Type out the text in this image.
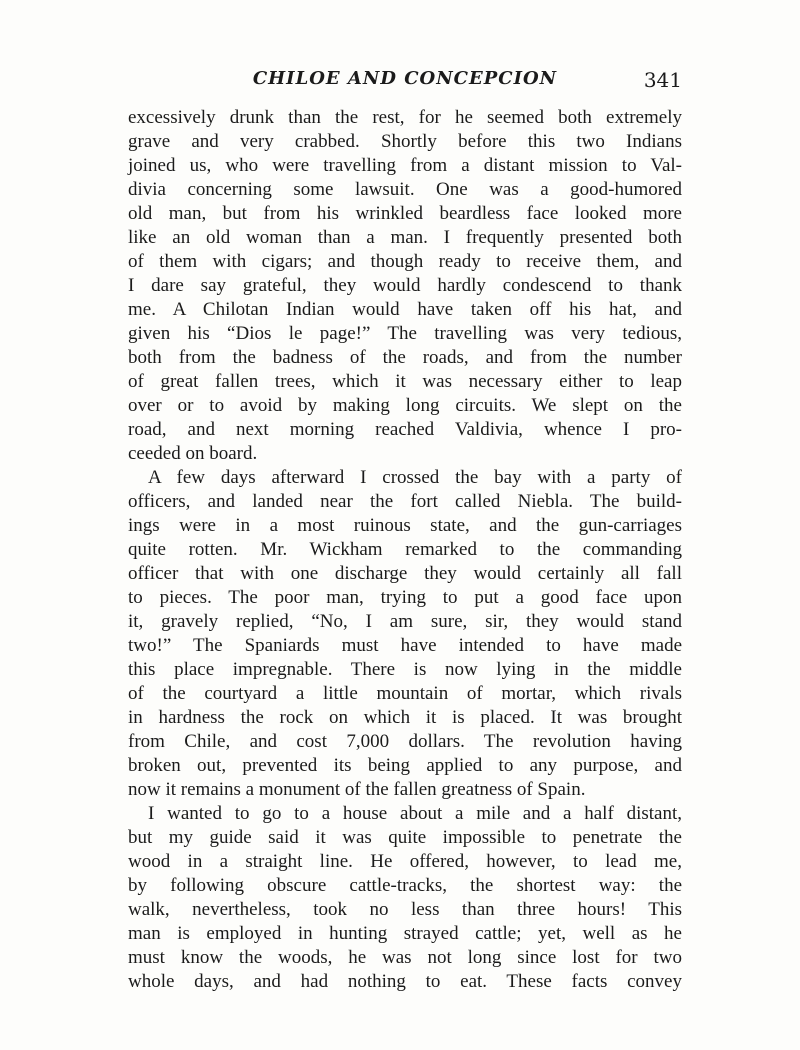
CHILOE AND CONCEPCION	341
excessively drunk than the rest, for he seemed both extremely
grave and very crabbed. Shortly before this two Indians
joined us, who were travelling from a distant mission to Val-
divia concerning some lawsuit. One was a good-humored
old man, but from his wrinkled beardless face looked more
like an old woman than a man. I frequently presented both
of them with cigars; and though ready to receive them, and
I dare say grateful, they would hardly condescend to thank
me. A Chilotan Indian would have taken off his hat, and
given his “Dios le page!” The travelling was very tedious,
both from the badness of the roads, and from the number
of great fallen trees, which it was necessary either to leap
over or to avoid by making long circuits. We slept on the
road, and next morning reached Valdivia, whence I pro-
ceeded on board.
A few days afterward I crossed the bay with a party of
officers, and landed near the fort called Niebla. The build-
ings were in a most ruinous state, and the gun-carriages
quite rotten. Mr. Wickham remarked to the commanding
officer that with one discharge they would certainly all fall
to pieces. The poor man, trying to put a good face upon
it, gravely replied, “No, I am sure, sir, they would stand
two!” The Spaniards must have intended to have made
this place impregnable. There is now lying in the middle
of the courtyard a little mountain of mortar, which rivals
in hardness the rock on which it is placed. It was brought
from Chile, and cost 7,000 dollars. The revolution having
broken out, prevented its being applied to any purpose, and
now it remains a monument of the fallen greatness of Spain.
I wanted to go to a house about a mile and a half distant,
but my guide said it was quite impossible to penetrate the
wood in a straight line. He offered, however, to lead me,
by following obscure cattle-tracks, the shortest way: the
walk, nevertheless, took no less than three hours! This
man is employed in hunting strayed cattle; yet, well as he
must know the woods, he was not long since lost for two
whole days, and had nothing to eat. These facts convey
